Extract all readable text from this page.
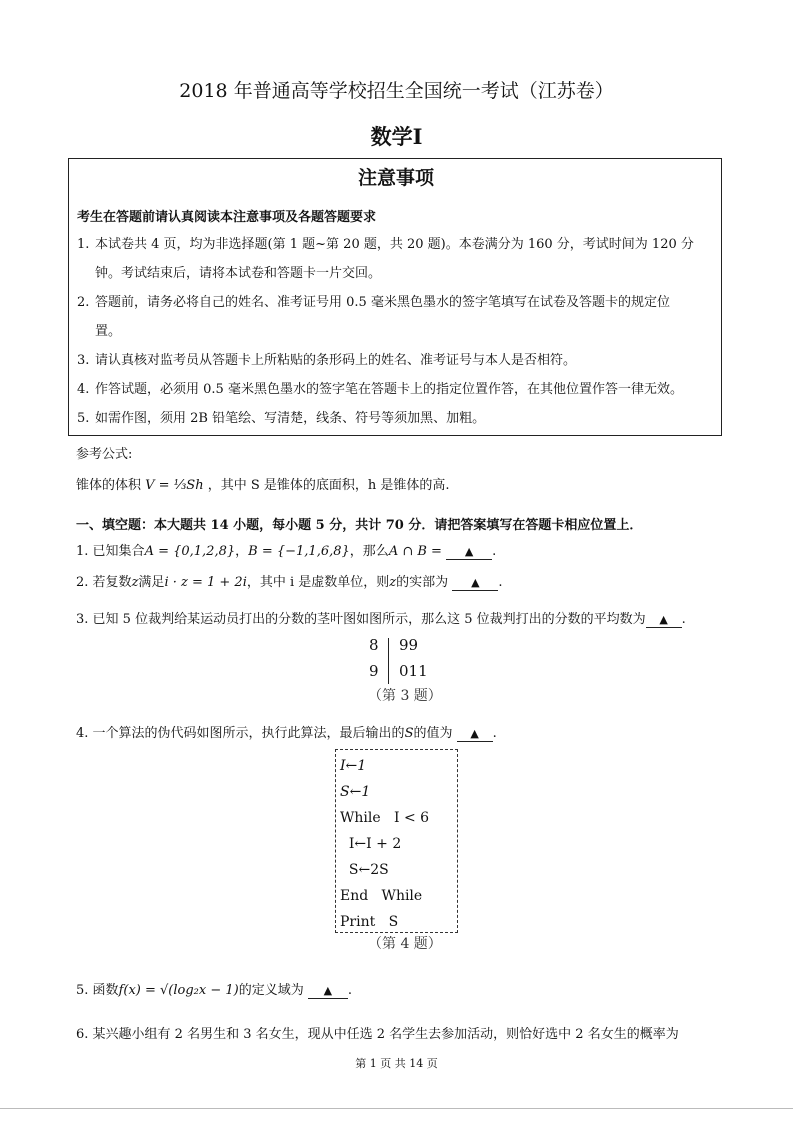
2018 年普通高等学校招生全国统一考试（江苏卷）
数学Ⅰ
注意事项
考生在答题前请认真阅读本注意事项及各题答题要求
1. 本试卷共 4 页，均为非选择题(第 1 题~第 20 题，共 20 题)。本卷满分为 160 分，考试时间为 120 分
钟。考试结束后，请将本试卷和答题卡一片交回。
2. 答题前，请务必将自己的姓名、准考证号用 0.5 毫米黑色墨水的签字笔填写在试卷及答题卡的规定位
置。
3. 请认真核对监考员从答题卡上所粘贴的条形码上的姓名、准考证号与本人是否相符。
4. 作答试题，必须用 0.5 毫米黑色墨水的签字笔在答题卡上的指定位置作答，在其他位置作答一律无效。
5. 如需作图，须用 2B 铅笔绘、写清楚，线条、符号等须加黑、加粗。
参考公式:
锥体的体积 V = ⅓Sh ，其中 S 是锥体的底面积，h 是锥体的高.
一、填空题：本大题共 14 小题，每小题 5 分，共计 70 分．请把答案填写在答题卡相应位置上．
1. 已知集合A = {0,1,2,8}，B = {−1,1,6,8}，那么A ∩ B = ▲ .
2. 若复数z满足i · z = 1 + 2i，其中 i 是虚数单位，则z的实部为 ▲ .
3. 已知 5 位裁判给某运动员打出的分数的茎叶图如图所示，那么这 5 位裁判打出的分数的平均数为 ▲ .
8 99
9 011
（第 3 题）
4. 一个算法的伪代码如图所示，执行此算法，最后输出的S的值为 ▲ .
I←1
S←1
While   I < 6
I←I + 2
S←2S
End   While
Print   S
（第 4 题）
5. 函数f(x) = √(log₂x − 1)的定义域为 ▲ .
6. 某兴趣小组有 2 名男生和 3 名女生，现从中任选 2 名学生去参加活动，则恰好选中 2 名女生的概率为
第 1 页 共 14 页
